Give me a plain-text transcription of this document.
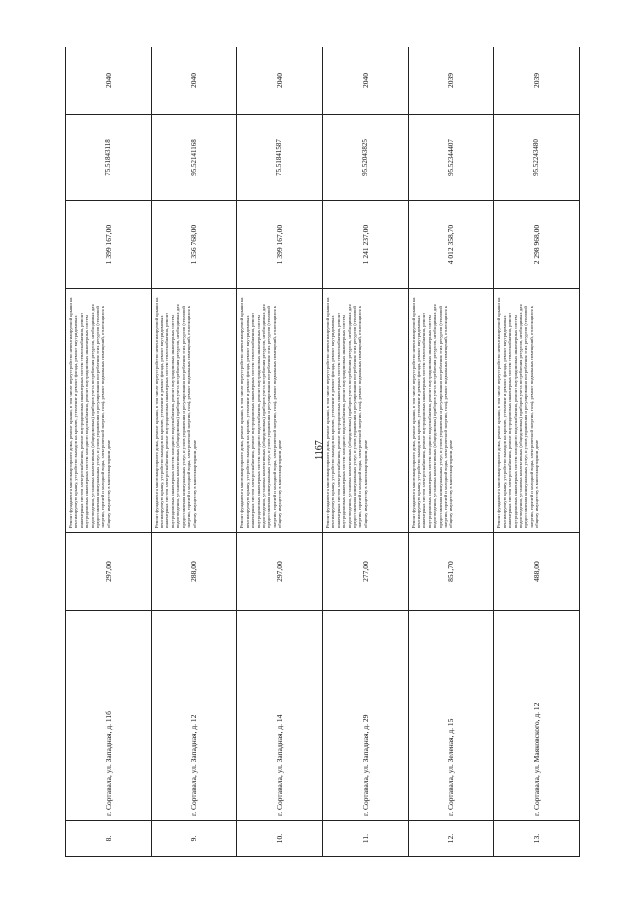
1167
8.	г. Сортавала, ул. Западная, д. 11б	297,00	Ремонт фундамента многоквартирного дома, ремонт крыши, в том числе переустройство невентилируемой крыши на вентилируемую крышу, устройство выходов на кровлю, утепление и ремонт фасада, ремонт внутридомовых инженерных систем электроснабжения, ремонт внутридомовых инженерных систем теплоснабжения, ремонт внутридомовых инженерных систем холодного водоснабжения, ремонт внутридомовых инженерных систем водоотведения, установка коллективных (общедомовых) приборов учета потребления ресурсов, необходимых для предоставления коммунальных услуг, и узлов управления и регулирования потребления этих ресурсов (тепловой энергии, горячей и холодной воды, электрической энергии, газа), ремонт подвальных помещений, относящихся к общему имуществу в многоквартирном доме	1 399 167,00	75.51843118	2040
9.	г. Сортавала, ул. Западная, д. 12	288,00	Ремонт фундамента многоквартирного дома, ремонт крыши, в том числе переустройство невентилируемой крыши на вентилируемую крышу, устройство выходов на кровлю, утепление и ремонт фасада, ремонт внутридомовых инженерных систем электроснабжения, ремонт внутридомовых инженерных систем теплоснабжения, ремонт внутридомовых инженерных систем холодного водоснабжения, ремонт внутридомовых инженерных систем водоотведения, установка коллективных (общедомовых) приборов учета потребления ресурсов, необходимых для предоставления коммунальных услуг, и узлов управления и регулирования потребления этих ресурсов (тепловой энергии, горячей и холодной воды, электрической энергии, газа), ремонт подвальных помещений, относящихся к общему имуществу в многоквартирном доме	1 356 768,00	95.52141168	2040
10.	г. Сортавала, ул. Западная, д. 14	297,00	Ремонт фундамента многоквартирного дома, ремонт крыши, в том числе переустройство невентилируемой крыши на вентилируемую крышу, устройство выходов на кровлю, утепление и ремонт фасада, ремонт внутридомовых инженерных систем электроснабжения, ремонт внутридомовых инженерных систем теплоснабжения, ремонт внутридомовых инженерных систем холодного водоснабжения, ремонт внутридомовых инженерных систем водоотведения, установка коллективных (общедомовых) приборов учета потребления ресурсов, необходимых для предоставления коммунальных услуг, и узлов управления и регулирования потребления этих ресурсов (тепловой энергии, горячей и холодной воды, электрической энергии, газа), ремонт подвальных помещений, относящихся к общему имуществу в многоквартирном доме	1 399 167,00	75.51841587	2040
11.	г. Сортавала, ул. Западная, д. 29	277,00	Ремонт фундамента многоквартирного дома, ремонт крыши, в том числе переустройство невентилируемой крыши на вентилируемую крышу, устройство выходов на кровлю, утепление и ремонт фасада, ремонт внутридомовых инженерных систем электроснабжения, ремонт внутридомовых инженерных систем теплоснабжения, ремонт внутридомовых инженерных систем холодного водоснабжения, ремонт внутридомовых инженерных систем водоотведения, установка коллективных (общедомовых) приборов учета потребления ресурсов, необходимых для предоставления коммунальных услуг, и узлов управления и регулирования потребления этих ресурсов (тепловой энергии, горячей и холодной воды, электрической энергии, газа), ремонт подвальных помещений, относящихся к общему имуществу в многоквартирном доме	1 241 237,00	95.52043825	2040
12.	г. Сортавала, ул. Зеленая, д. 15	851,70	Ремонт фундамента многоквартирного дома, ремонт крыши, в том числе переустройство невентилируемой крыши на вентилируемую крышу, устройство выходов на кровлю, утепление и ремонт фасада, ремонт внутридомовых инженерных систем электроснабжения, ремонт внутридомовых инженерных систем теплоснабжения, ремонт внутридомовых инженерных систем холодного водоснабжения, ремонт внутридомовых инженерных систем водоотведения, установка коллективных (общедомовых) приборов учета потребления ресурсов, необходимых для предоставления коммунальных услуг, и узлов управления и регулирования потребления этих ресурсов (тепловой энергии, горячей и холодной воды, электрической энергии, газа), ремонт подвальных помещений, относящихся к общему имуществу в многоквартирном доме	4 012 358,70	95.52344407	2039
13.	г. Сортавала, ул. Маяковского, д. 12	488,00	Ремонт фундамента многоквартирного дома, ремонт крыши, в том числе переустройство невентилируемой крыши на вентилируемую крышу, устройство выходов на кровлю, утепление и ремонт фасада, ремонт внутридомовых инженерных систем электроснабжения, ремонт внутридомовых инженерных систем теплоснабжения, ремонт внутридомовых инженерных систем холодного водоснабжения, ремонт внутридомовых инженерных систем водоотведения, установка коллективных (общедомовых) приборов учета потребления ресурсов, необходимых для предоставления коммунальных услуг, и узлов управления и регулирования потребления этих ресурсов (тепловой энергии, горячей и холодной воды, электрической энергии, газа), ремонт подвальных помещений, относящихся к общему имуществу в многоквартирном доме	2 298 968,00	95.52243480	2039
